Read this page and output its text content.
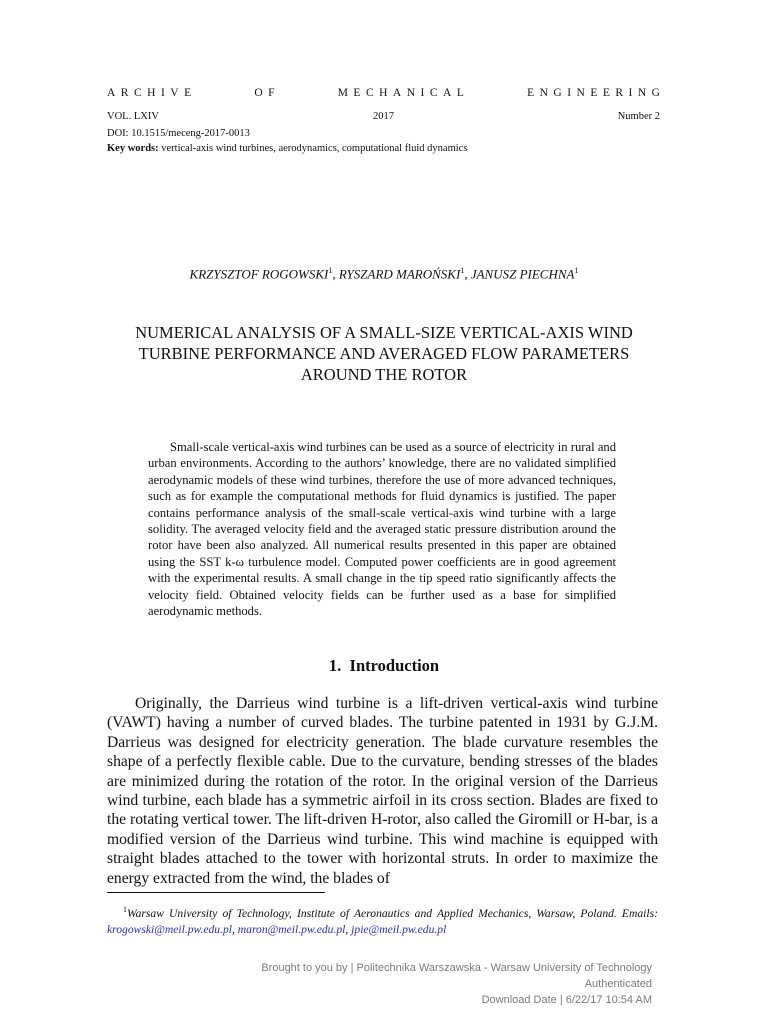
ARCHIVE	OF	MECHANICAL	ENGINEERING
VOL. LXIV	2017	Number 2
DOI: 10.1515/meceng-2017-0013
Key words: vertical-axis wind turbines, aerodynamics, computational fluid dynamics
KRZYSZTOF ROGOWSKI$^1$, RYSZARD MAROŃSKI$^1$, JANUSZ PIECHNA$^1$
NUMERICAL ANALYSIS OF A SMALL-SIZE VERTICAL-AXIS WIND
TURBINE PERFORMANCE AND AVERAGED FLOW PARAMETERS
AROUND THE ROTOR
Small-scale vertical-axis wind turbines can be used as a source of electricity in rural and urban environments. According to the authors’ knowledge, there are no validated simplified aerodynamic models of these wind turbines, therefore the use of more advanced techniques, such as for example the computational methods for fluid dynamics is justified. The paper contains performance analysis of the small-scale vertical-axis wind turbine with a large solidity. The averaged velocity field and the averaged static pressure distribution around the rotor have been also analyzed. All numerical results presented in this paper are obtained using the SST k-ω turbulence model. Computed power coefficients are in good agreement with the experimental results. A small change in the tip speed ratio significantly affects the velocity field. Obtained velocity fields can be further used as a base for simplified aerodynamic methods.
1. Introduction
Originally, the Darrieus wind turbine is a lift-driven vertical-axis wind turbine (VAWT) having a number of curved blades. The turbine patented in 1931 by G.J.M. Darrieus was designed for electricity generation. The blade curvature resembles the shape of a perfectly flexible cable. Due to the curvature, bending stresses of the blades are minimized during the rotation of the rotor. In the original version of the Darrieus wind turbine, each blade has a symmetric airfoil in its cross section. Blades are fixed to the rotating vertical tower. The lift-driven H-rotor, also called the Giromill or H-bar, is a modified version of the Darrieus wind turbine. This wind machine is equipped with straight blades attached to the tower with horizontal struts. In order to maximize the energy extracted from the wind, the blades of
$^1$Warsaw University of Technology, Institute of Aeronautics and Applied Mechanics, Warsaw, Poland. Emails: krogowski@meil.pw.edu.pl, maron@meil.pw.edu.pl, jpie@meil.pw.edu.pl
Brought to you by | Politechnika Warszawska - Warsaw University of Technology
Authenticated
Download Date | 6/22/17 10:54 AM
